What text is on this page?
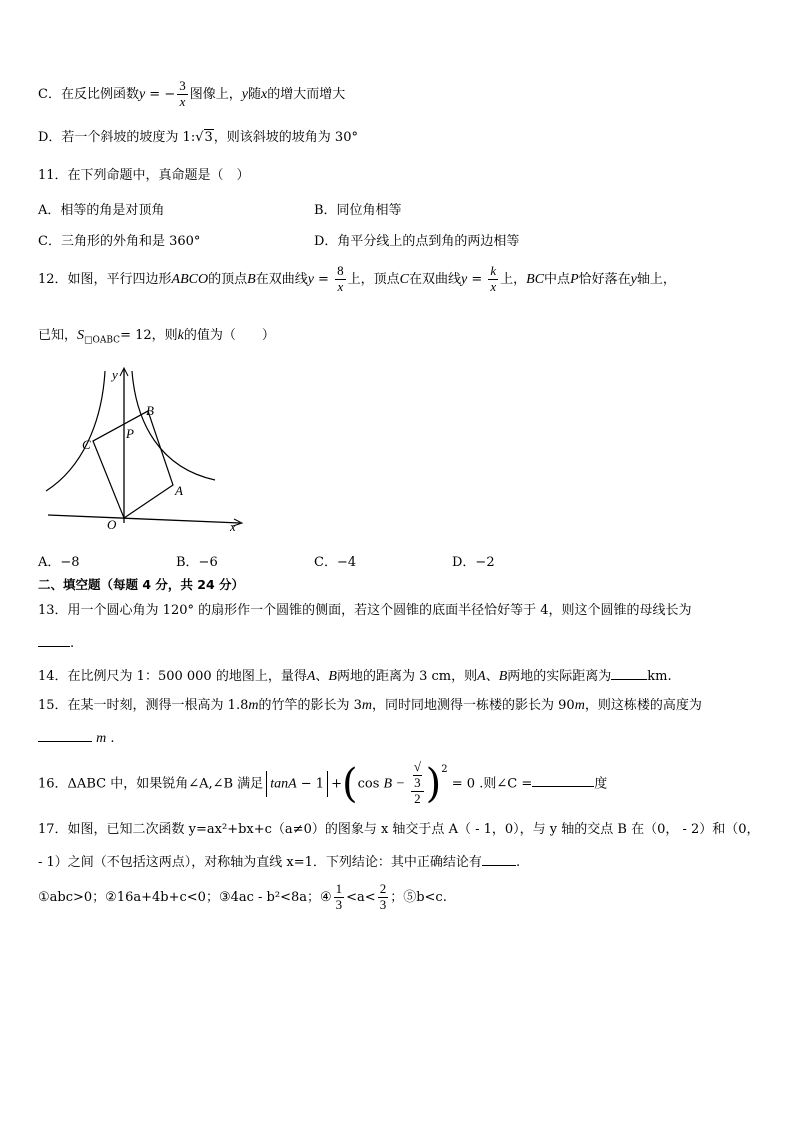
C．在反比例函数y = − $\frac{3}{x}$ 图像上，y随x的增大而增大
D．若一个斜坡的坡度为 1:√3，则该斜坡的坡角为 30°
11．在下列命题中，真命题是（　）
A．相等的角是对顶角	B．同位角相等
C．三角形的外角和是 360°	D．角平分线上的点到角的两边相等
12．如图，平行四边形ABCO的顶点B在双曲线$y = \frac{8}{x}$ 上，顶点C在双曲线$y = \frac{k}{x}$ 上，BC中点P恰好落在y轴上，
已知，$S_{□OABC}= 12$，则k的值为（　　）
y
x
O
A
B
C
P
A．−8	B．−6	C．−4	D．−2
二、填空题（每题 4 分，共 24 分）
13．用一个圆心角为 120° 的扇形作一个圆锥的侧面，若这个圆锥的底面半径恰好等于 4，则这个圆锥的母线长为
.
14．在比例尺为 1：500 000 的地图上，量得A、B两地的距离为 3 cm，则A、B两地的实际距离为	km.
15．在某一时刻，测得一根高为 1.8m的竹竿的影长为 3m，同时同地测得一栋楼的影长为 90m，则这栋楼的高度为
m .
16．ΔABC 中，如果锐角∠A,∠B 满足 tanA − 1 +(cos B − √
3
2 )$^2$ = 0 .则∠C =	度
17．如图，已知二次函数 y=ax²+bx+c（a≠0）的图象与 x 轴交于点 A（ - 1，0），与 y 轴的交点 B 在（0， - 2）和（0，
- 1）之间（不包括这两点），对称轴为直线 x=1．下列结论：其中正确结论有	.
①abc>0；②16a+4b+c<0；③4ac - b²<8a；④ $\frac{1}{3} <a< \frac{2}{3}$ ；⑤b<c.
